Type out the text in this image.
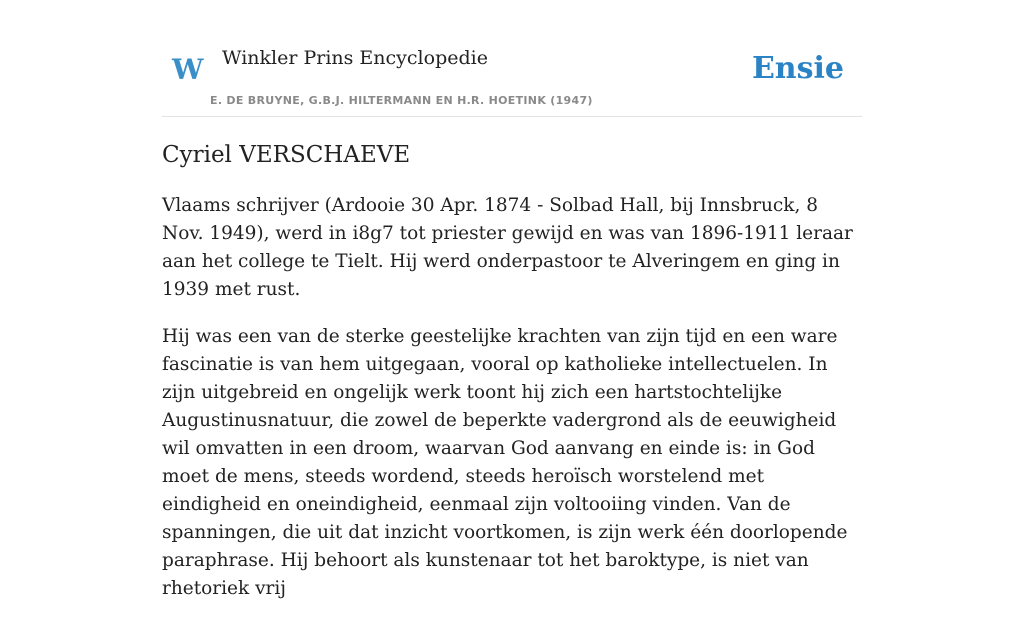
W Winkler Prins Encyclopedie
E. DE BRUYNE, G.B.J. HILTERMANN EN H.R. HOETINK (1947)
Ensie
Cyriel VERSCHAEVE

Vlaams schrijver (Ardooie 30 Apr. 1874 - Solbad Hall, bij Innsbruck, 8 Nov. 1949), werd in i8g7 tot priester gewijd en was van 1896-1911 leraar aan het college te Tielt. Hij werd onderpastoor te Alveringem en ging in 1939 met rust.

Hij was een van de sterke geestelijke krachten van zijn tijd en een ware fascinatie is van hem uitgegaan, vooral op katholieke intellectuelen. In zijn uitgebreid en ongelijk werk toont hij zich een hartstochtelijke Augustinusnatuur, die zowel de beperkte vadergrond als de eeuwigheid wil omvatten in een droom, waarvan God aanvang en einde is: in God moet de mens, steeds wordend, steeds heroïsch worstelend met eindigheid en oneindigheid, eenmaal zijn voltooiing vinden. Van de spanningen, die uit dat inzicht voortkomen, is zijn werk één doorlopende paraphrase. Hij behoort als kunstenaar tot het baroktype, is niet van rhetoriek vrij
